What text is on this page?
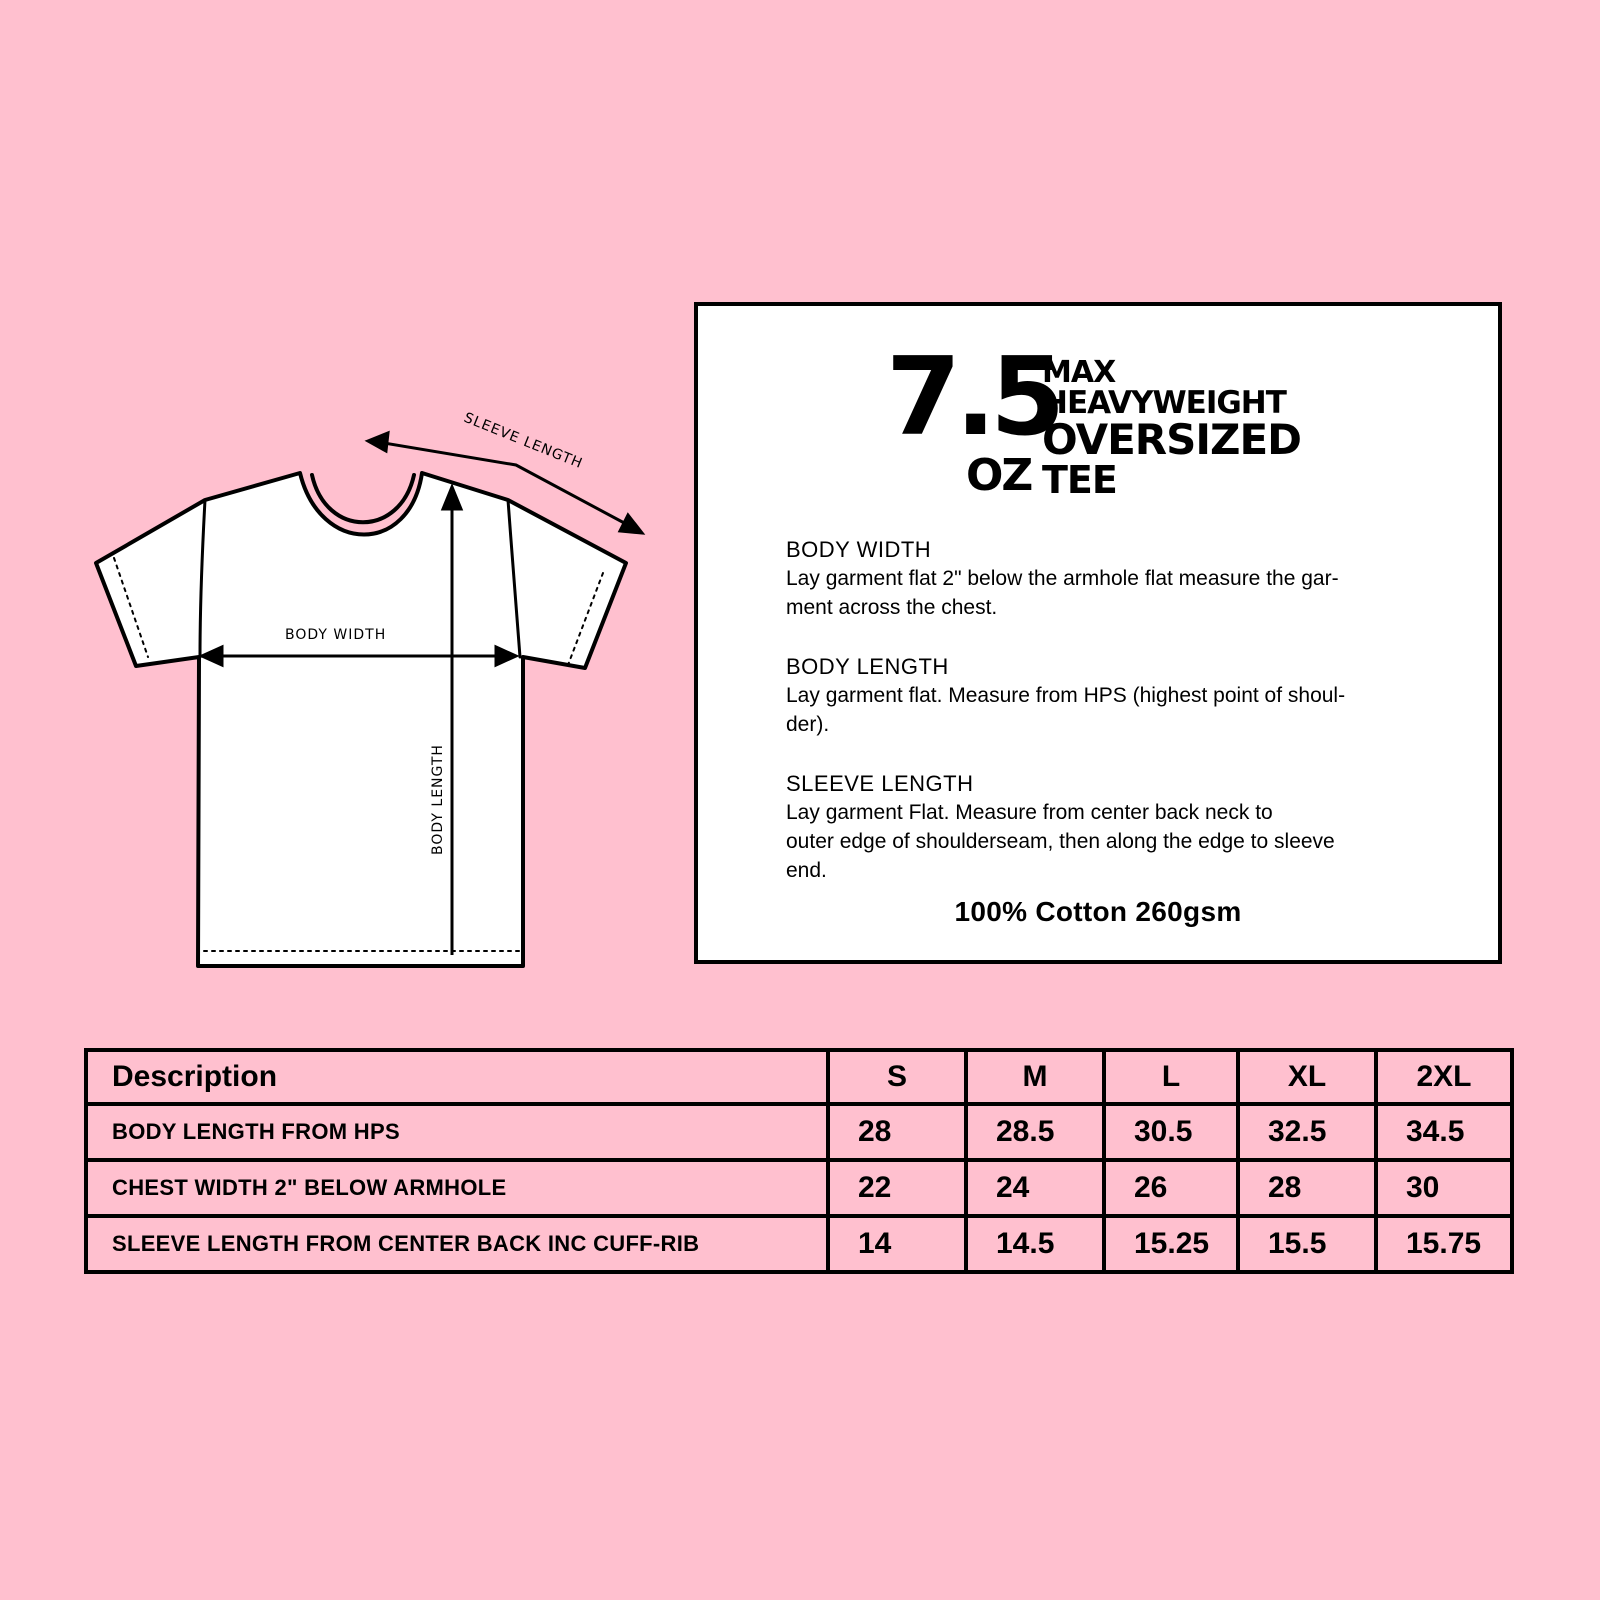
SLEEVE LENGTH
BODY WIDTH
BODY LENGTH
7.5
OZ
MAX
HEAVYWEIGHT
OVERSIZED
TEE
BODY WIDTH
Lay garment flat 2" below the armhole flat measure the gar-
ment across the chest.
BODY LENGTH
Lay garment flat. Measure from HPS (highest point of shoul-
der).
SLEEVE LENGTH
Lay garment Flat. Measure from center back neck to
outer edge of shoulderseam, then along the edge to sleeve
end.
100% Cotton 260gsm
Description	S	M	L	XL	2XL
BODY LENGTH FROM HPS	28	28.5	30.5	32.5	34.5
CHEST WIDTH 2" BELOW ARMHOLE	22	24	26	28	30
SLEEVE LENGTH FROM CENTER BACK INC CUFF-RIB	14	14.5	15.25	15.5	15.75
